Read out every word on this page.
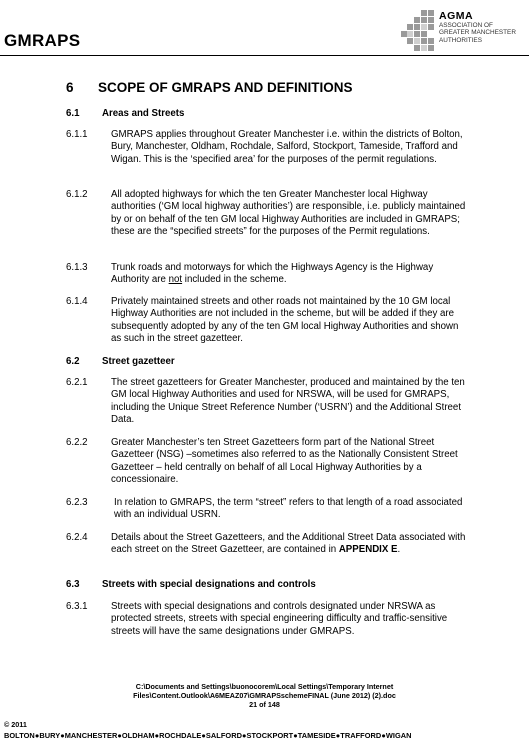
GMRAPS
AGMA
ASSOCIATION OF
GREATER MANCHESTER
AUTHORITIES
6 SCOPE OF GMRAPS AND DEFINITIONS
6.1 Areas and Streets
6.1.1 GMRAPS applies throughout Greater Manchester i.e. within the districts of Bolton, Bury, Manchester, Oldham, Rochdale, Salford, Stockport, Tameside, Trafford and Wigan. This is the ‘specified area’ for the purposes of the permit regulations.
6.1.2 All adopted highways for which the ten Greater Manchester local Highway authorities (‘GM local highway authorities’) are responsible, i.e. publicly maintained by or on behalf of the ten GM local Highway Authorities are included in GMRAPS; these are the “specified streets” for the purposes of the Permit regulations.
6.1.3 Trunk roads and motorways for which the Highways Agency is the Highway Authority are not included in the scheme.
6.1.4 Privately maintained streets and other roads not maintained by the 10 GM local Highway Authorities are not included in the scheme, but will be added if they are subsequently adopted by any of the ten GM local Highway Authorities and shown as such in the street gazetteer.
6.2 Street gazetteer
6.2.1 The street gazetteers for Greater Manchester, produced and maintained by the ten GM local Highway Authorities and used for NRSWA, will be used for GMRAPS, including the Unique Street Reference Number (‘USRN’) and the Additional Street Data.
6.2.2 Greater Manchester’s ten Street Gazetteers form part of the National Street Gazetteer (NSG) –sometimes also referred to as the Nationally Consistent Street Gazetteer – held centrally on behalf of all Local Highway Authorities by a concessionaire.
6.2.3	In relation to GMRAPS, the term “street” refers to that length of a road associated with an individual USRN.
6.2.4 Details about the Street Gazetteers, and the Additional Street Data associated with each street on the Street Gazetteer, are contained in APPENDIX E.
6.3 Streets with special designations and controls
6.3.1 Streets with special designations and controls designated under NRSWA as protected streets, streets with special engineering difficulty and traffic-sensitive streets will have the same designations under GMRAPS.
C:\Documents and Settings\buonocorem\Local Settings\Temporary Internet
Files\Content.Outlook\A6MEAZ07\GMRAPSschemeFINAL (June 2012) (2).doc
21 of 148
© 2011
BOLTON●BURY●MANCHESTER●OLDHAM●ROCHDALE●SALFORD●STOCKPORT●TAMESIDE●TRAFFORD●WIGAN
